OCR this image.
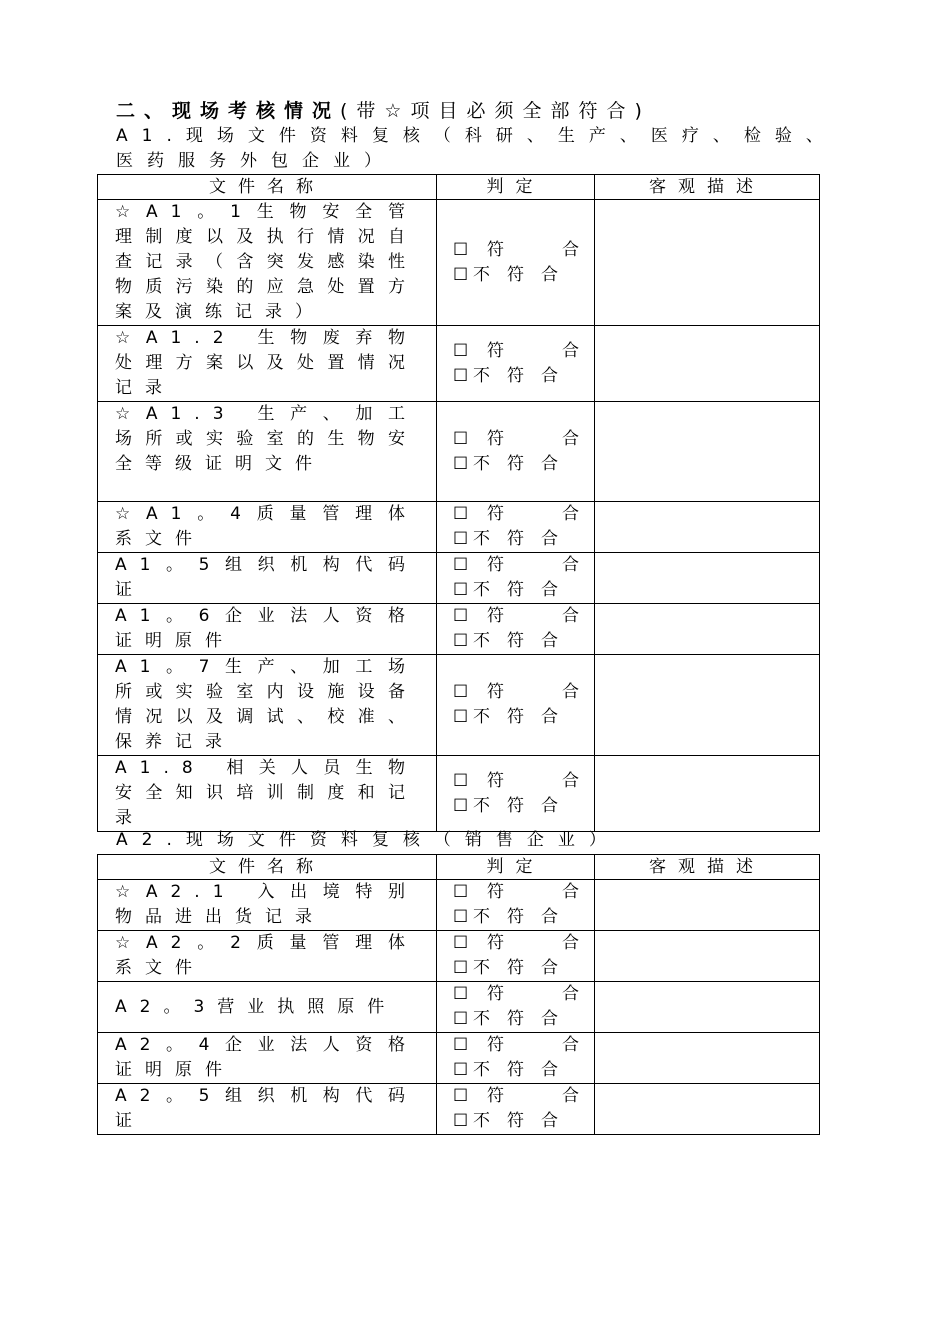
二、现场考核情况(带☆项目必须全部符合)
A1.现场文件资料复核（科研、生产、医疗、检验、
医药服务外包企业）
文件名称	判定	客观描述
☆A1。1生物安全管理制度以及执行情况自查记录（含突发感染性物质污染的应急处置方案及演练记录）	☐ 符合
☐ 不符合	

☆A1.2 生物废弃物处理方案以及处置情况记录	☐ 符合
☐ 不符合	

☆A1.3 生产、加工场所或实验室的生物安全等级证明文件	☐ 符合
☐ 不符合	

☆A1。4质量管理体系文件	☐ 符合
☐ 不符合	

A1。5组织机构代码证	☐ 符合
☐ 不符合	

A1。6企业法人资格证明原件	☐ 符合
☐ 不符合	

A1。7生产、加工场所或实验室内设施设备情况以及调试、校准、保养记录	☐ 符合
☐ 不符合	

A1.8 相关人员生物安全知识培训制度和记录	☐ 符合
☐ 不符合	

A2.现场文件资料复核（销售企业）
文件名称	判定	客观描述
☆A2.1 入出境特别物品进出货记录	☐ 符合
☐ 不符合	

☆A2。2质量管理体系文件	☐ 符合
☐ 不符合	

A2。3营业执照原件	☐ 符合
☐ 不符合	

A2。4企业法人资格证明原件	☐ 符合
☐ 不符合	

A2。5组织机构代码证	☐ 符合
☐ 不符合	
